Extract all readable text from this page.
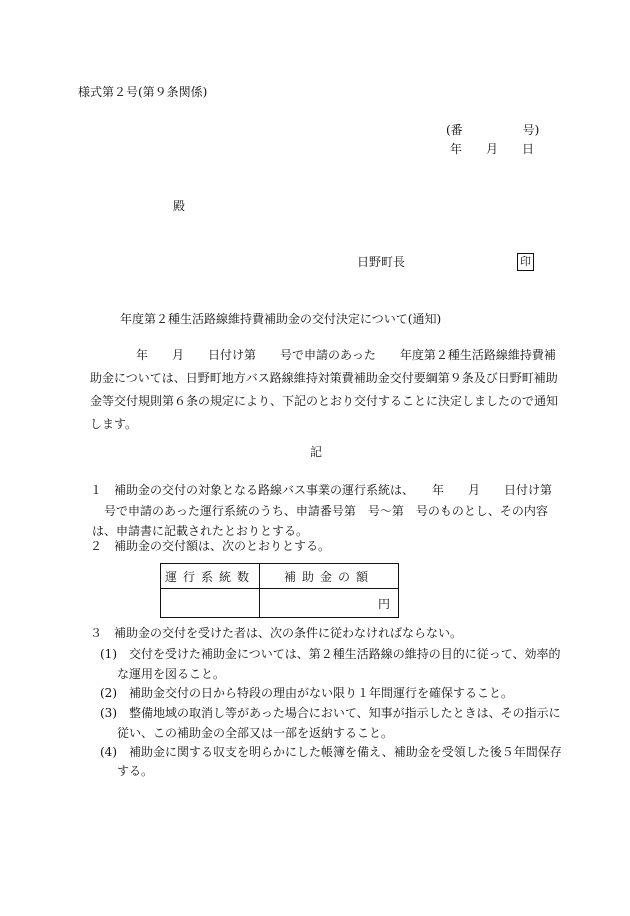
様式第２号(第９条関係)
(番　　　　　号)
年　　月　　日
殿
日野町長	印
年度第２種生活路線維持費補助金の交付決定について(通知)
年　　月　　日付け第　　号で申請のあった　　年度第２種生活路線維持費補
助金については、日野町地方バス路線維持対策費補助金交付要綱第９条及び日野町補助
金等交付規則第６条の規定により、下記のとおり交付することに決定しましたので通知
します。
記
１　補助金の交付の対象となる路線バス事業の運行系統は、　　年　　月　　日付け第
号で申請のあった運行系統のうち、申請番号第　号～第　号のものとし、その内容
は、申請書に記載されたとおりとする。
２　補助金の交付額は、次のとおりとする。
運行系統数	補助金の額
	円
３　補助金の交付を受けた者は、次の条件に従わなければならない。
(1)　交付を受けた補助金については、第２種生活路線の維持の目的に従って、効率的
な運用を図ること。
(2)　補助金交付の日から特段の理由がない限り１年間運行を確保すること。
(3)　整備地域の取消し等があった場合において、知事が指示したときは、その指示に
従い、この補助金の全部又は一部を返納すること。
(4)　補助金に関する収支を明らかにした帳簿を備え、補助金を受領した後５年間保存
する。
